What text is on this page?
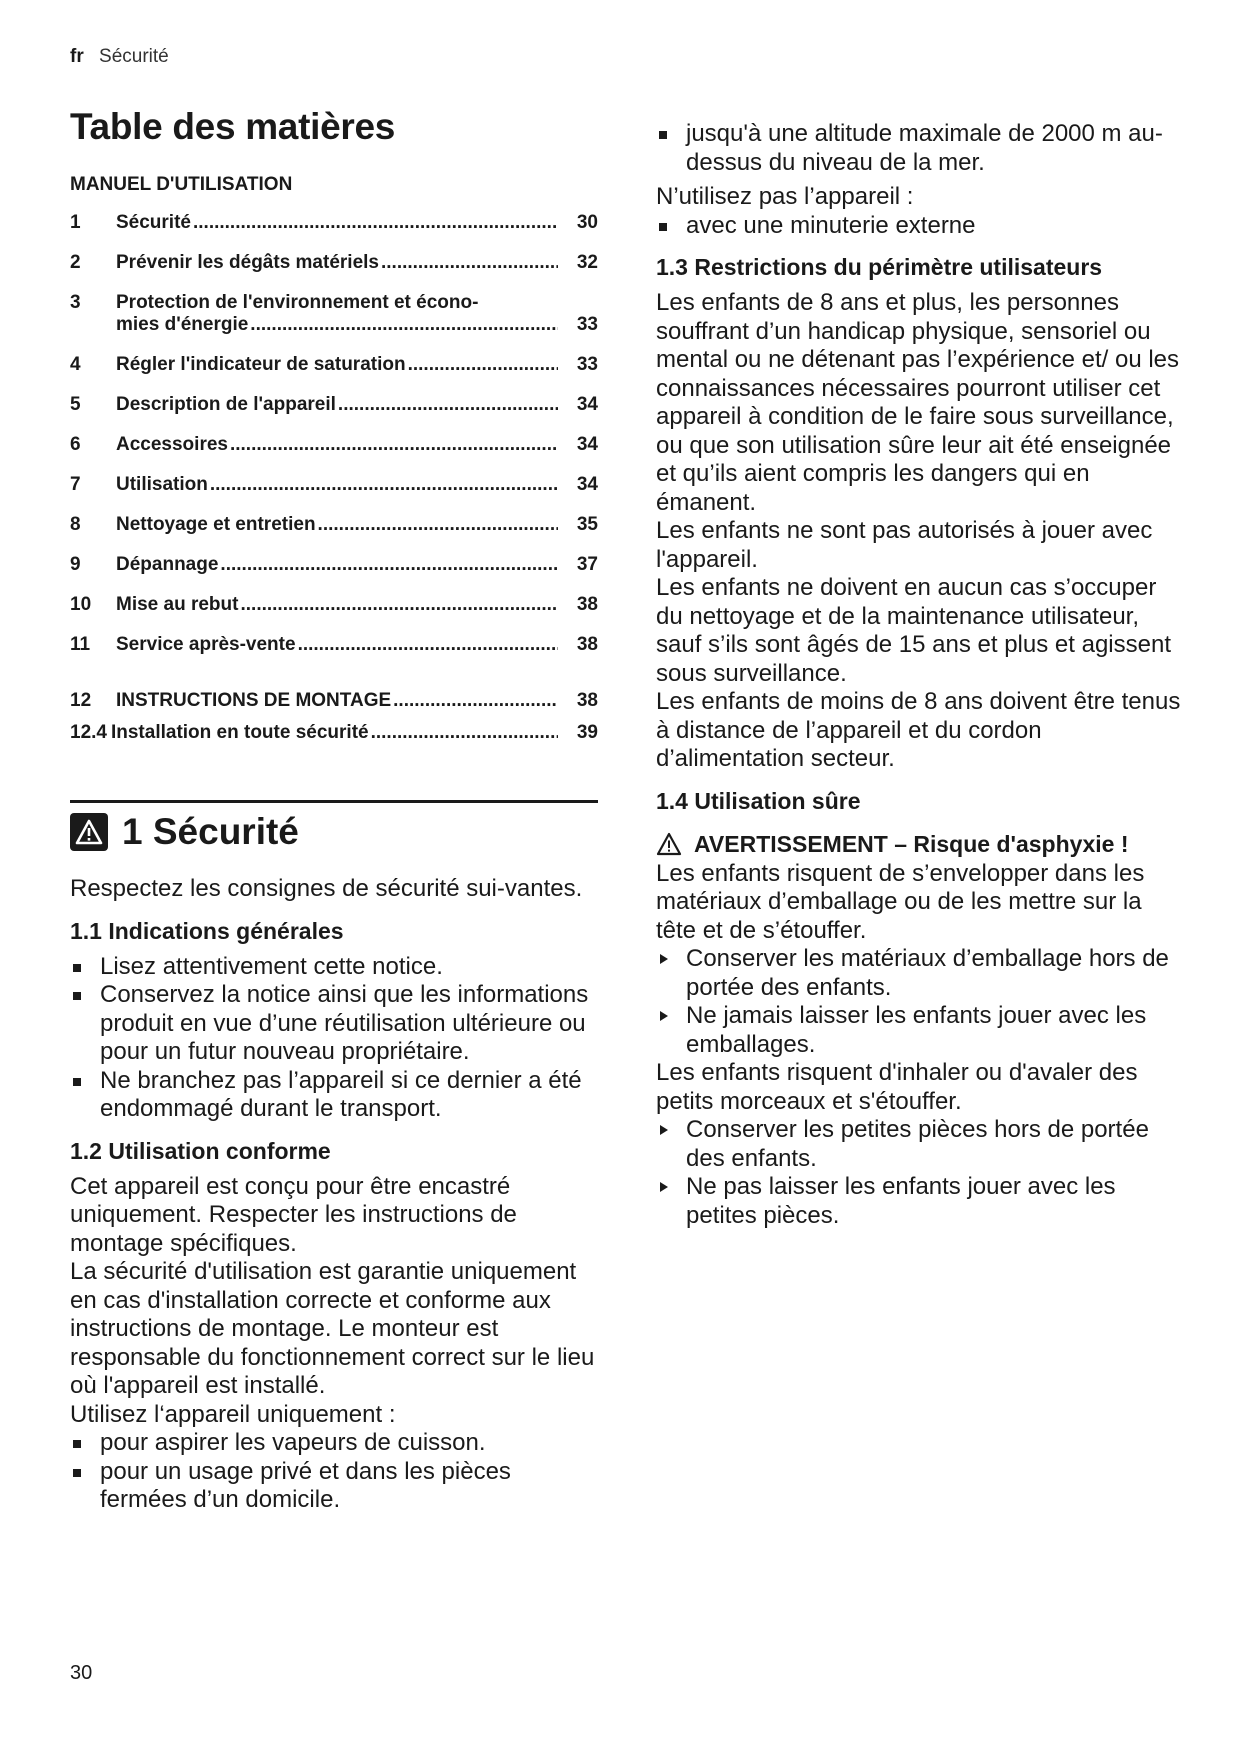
fr Sécurité
Table des matières
MANUEL D'UTILISATION
1	Sécurité .....	30
2	Prévenir les dégâts matériels .....	32
3	Protection de l'environnement et écono-
mies d'énergie .....	33
4	Régler l'indicateur de saturation .....	33
5	Description de l'appareil .....	34
6	Accessoires .....	34
7	Utilisation .....	34
8	Nettoyage et entretien .....	35
9	Dépannage .....	37
10	Mise au rebut .....	38
11	Service après-vente .....	38
12	INSTRUCTIONS DE MONTAGE .....	38
12.4 Installation en toute sécurité .....	39
1 Sécurité

Respectez les consignes de sécurité sui-vantes.

1.1 Indications générales
Lisez attentivement cette notice.
Conservez la notice ainsi que les informations produit en vue d’une réutilisation ultérieure ou pour un futur nouveau propriétaire.
Ne branchez pas l’appareil si ce dernier a été endommagé durant le transport.
1.2 Utilisation conforme

Cet appareil est conçu pour être encastré uniquement. Respecter les instructions de montage spécifiques.

La sécurité d'utilisation est garantie uniquement en cas d'installation correcte et conforme aux instructions de montage. Le monteur est responsable du fonctionnement correct sur le lieu où l'appareil est installé.

Utilisez l‘appareil uniquement :

pour aspirer les vapeurs de cuisson.
pour un usage privé et dans les pièces fermées d’un domicile.
jusqu'à une altitude maximale de 2000 m au-dessus du niveau de la mer.

N’utilisez pas l’appareil :

avec une minuterie externe
1.3 Restrictions du périmètre utilisateurs

Les enfants de 8 ans et plus, les personnes souffrant d’un handicap physique, sensoriel ou mental ou ne détenant pas l’expérience et/ ou les connaissances nécessaires pourront utiliser cet appareil à condition de le faire sous surveillance, ou que son utilisation sûre leur ait été enseignée et qu’ils aient compris les dangers qui en émanent.

Les enfants ne sont pas autorisés à jouer avec l'appareil.

Les enfants ne doivent en aucun cas s’occuper du nettoyage et de la maintenance utilisateur, sauf s’ils sont âgés de 15 ans et plus et agissent sous surveillance.

Les enfants de moins de 8 ans doivent être tenus à distance de l’appareil et du cordon d’alimentation secteur.

1.4 Utilisation sûre
AVERTISSEMENT – Risque d'asphyxie !

Les enfants risquent de s’envelopper dans les matériaux d’emballage ou de les mettre sur la tête et de s’étouffer.

Conserver les matériaux d’emballage hors de portée des enfants.
Ne jamais laisser les enfants jouer avec les emballages.

Les enfants risquent d'inhaler ou d'avaler des petits morceaux et s'étouffer.

Conserver les petites pièces hors de portée des enfants.
Ne pas laisser les enfants jouer avec les petites pièces.
30
